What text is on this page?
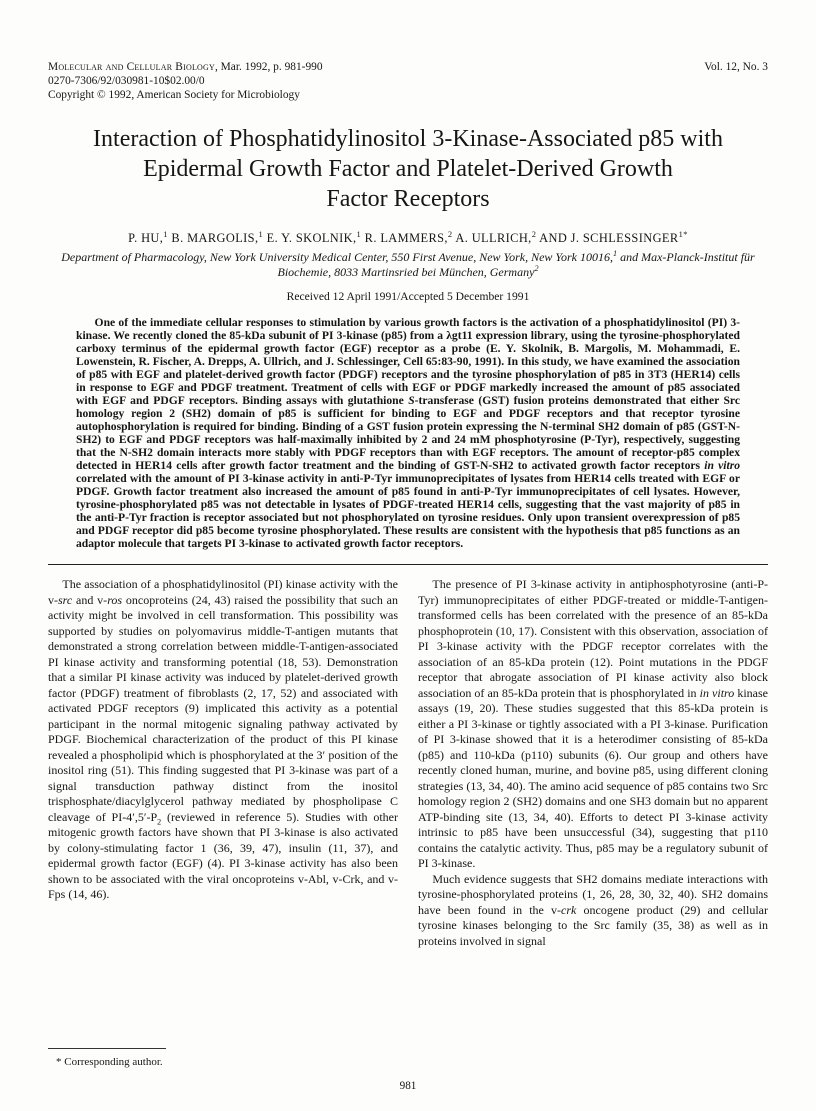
Molecular and Cellular Biology, Mar. 1992, p. 981-990	Vol. 12, No. 3
0270-7306/92/030981-10$02.00/0
Copyright © 1992, American Society for Microbiology
Interaction of Phosphatidylinositol 3-Kinase-Associated p85 with
Epidermal Growth Factor and Platelet-Derived Growth
Factor Receptors
P. HU,$^1$ B. MARGOLIS,$^1$ E. Y. SKOLNIK,$^1$ R. LAMMERS,$^2$ A. ULLRICH,$^2$ AND J. $SCHLESSINGER^{1*}$
Department of Pharmacology, New York University Medical Center, 550 First Avenue, New York, New York 10016,$^1$ and Max-Planck-Institut für Biochemie, 8033 Martinsried bei München, Germany$^2$
Received 12 April 1991/Accepted 5 December 1991
One of the immediate cellular responses to stimulation by various growth factors is the activation of a phosphatidylinositol (PI) 3-kinase. We recently cloned the 85-kDa subunit of PI 3-kinase (p85) from a λgt11 expression library, using the tyrosine-phosphorylated carboxy terminus of the epidermal growth factor (EGF) receptor as a probe (E. Y. Skolnik, B. Margolis, M. Mohammadi, E. Lowenstein, R. Fischer, A. Drepps, A. Ullrich, and J. Schlessinger, Cell 65:83-90, 1991). In this study, we have examined the association of p85 with EGF and platelet-derived growth factor (PDGF) receptors and the tyrosine phosphorylation of p85 in 3T3 (HER14) cells in response to EGF and PDGF treatment. Treatment of cells with EGF or PDGF markedly increased the amount of p85 associated with EGF and PDGF receptors. Binding assays with glutathione S-transferase (GST) fusion proteins demonstrated that either Src homology region 2 (SH2) domain of p85 is sufficient for binding to EGF and PDGF receptors and that receptor tyrosine autophosphorylation is required for binding. Binding of a GST fusion protein expressing the N-terminal SH2 domain of p85 (GST-N-SH2) to EGF and PDGF receptors was half-maximally inhibited by 2 and 24 mM phosphotyrosine (P-Tyr), respectively, suggesting that the N-SH2 domain interacts more stably with PDGF receptors than with EGF receptors. The amount of receptor-p85 complex detected in HER14 cells after growth factor treatment and the binding of GST-N-SH2 to activated growth factor receptors in vitro correlated with the amount of PI 3-kinase activity in anti-P-Tyr immunoprecipitates of lysates from HER14 cells treated with EGF or PDGF. Growth factor treatment also increased the amount of p85 found in anti-P-Tyr immunoprecipitates of cell lysates. However, tyrosine-phosphorylated p85 was not detectable in lysates of PDGF-treated HER14 cells, suggesting that the vast majority of p85 in the anti-P-Tyr fraction is receptor associated but not phosphorylated on tyrosine residues. Only upon transient overexpression of p85 and PDGF receptor did p85 become tyrosine phosphorylated. These results are consistent with the hypothesis that p85 functions as an adaptor molecule that targets PI 3-kinase to activated growth factor receptors.

The association of a phosphatidylinositol (PI) kinase activity with the v-src and v-ros oncoproteins (24, 43) raised the possibility that such an activity might be involved in cell transformation. This possibility was supported by studies on polyomavirus middle-T-antigen mutants that demonstrated a strong correlation between middle-T-antigen-associated PI kinase activity and transforming potential (18, 53). Demonstration that a similar PI kinase activity was induced by platelet-derived growth factor (PDGF) treatment of fibroblasts (2, 17, 52) and associated with activated PDGF receptors (9) implicated this activity as a potential participant in the normal mitogenic signaling pathway activated by PDGF. Biochemical characterization of the product of this PI kinase revealed a phospholipid which is phosphorylated at the 3′ position of the inositol ring (51). This finding suggested that PI 3-kinase was part of a signal transduction pathway distinct from the inositol trisphosphate/diacylglycerol pathway mediated by phospholipase C cleavage of $PI-4',5'-P_2$ (reviewed in reference 5). Studies with other mitogenic growth factors have shown that PI 3-kinase is also activated by colony-stimulating factor 1 (36, 39, 47), insulin (11, 37), and epidermal growth factor (EGF) (4). PI 3-kinase activity has also been shown to be associated with the viral oncoproteins v-Abl, v-Crk, and v-Fps (14, 46).

The presence of PI 3-kinase activity in antiphosphotyrosine (anti-P-Tyr) immunoprecipitates of either PDGF-treated or middle-T-antigen-transformed cells has been correlated with the presence of an 85-kDa phosphoprotein (10, 17). Consistent with this observation, association of PI 3-kinase activity with the PDGF receptor correlates with the association of an 85-kDa protein (12). Point mutations in the PDGF receptor that abrogate association of PI kinase activity also block association of an 85-kDa protein that is phosphorylated in in vitro kinase assays (19, 20). These studies suggested that this 85-kDa protein is either a PI 3-kinase or tightly associated with a PI 3-kinase. Purification of PI 3-kinase showed that it is a heterodimer consisting of 85-kDa (p85) and 110-kDa (p110) subunits (6). Our group and others have recently cloned human, murine, and bovine p85, using different cloning strategies (13, 34, 40). The amino acid sequence of p85 contains two Src homology region 2 (SH2) domains and one SH3 domain but no apparent ATP-binding site (13, 34, 40). Efforts to detect PI 3-kinase activity intrinsic to p85 have been unsuccessful (34), suggesting that p110 contains the catalytic activity. Thus, p85 may be a regulatory subunit of PI 3-kinase.

Much evidence suggests that SH2 domains mediate interactions with tyrosine-phosphorylated proteins (1, 26, 28, 30, 32, 40). SH2 domains have been found in the v-crk oncogene product (29) and cellular tyrosine kinases belonging to the Src family (35, 38) as well as in proteins involved in signal

* Corresponding author.
981
